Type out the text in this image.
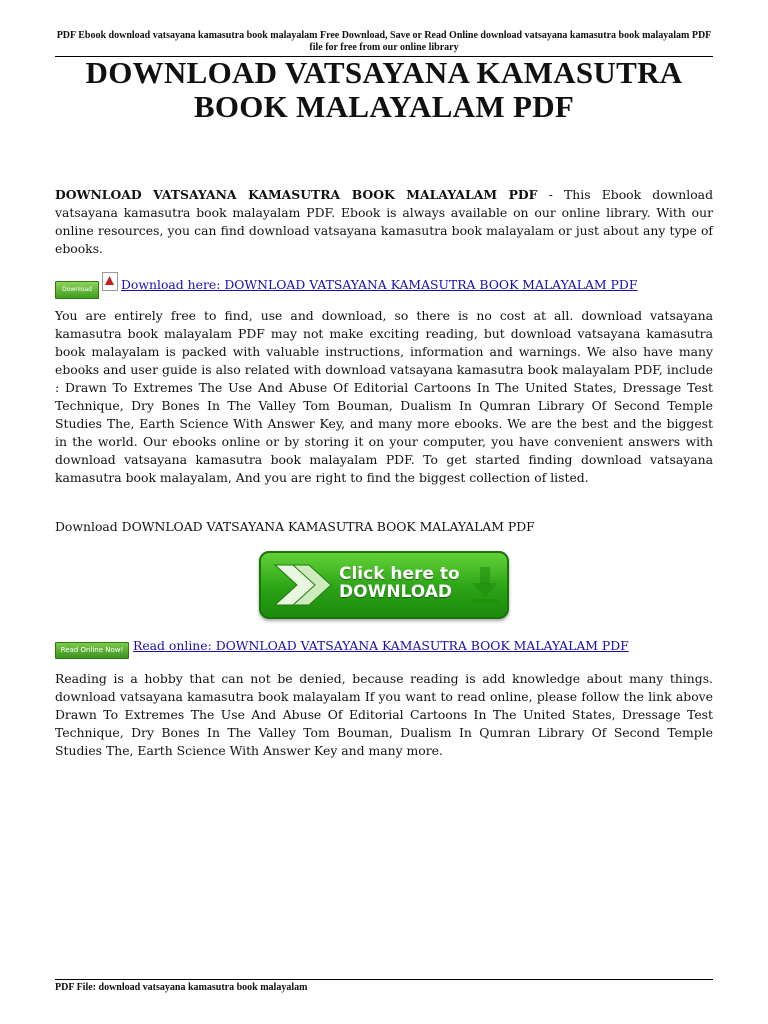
PDF Ebook download vatsayana kamasutra book malayalam Free Download, Save or Read Online download vatsayana kamasutra book malayalam PDF file for free from our online library
DOWNLOAD VATSAYANA KAMASUTRA
BOOK MALAYALAM PDF

DOWNLOAD VATSAYANA KAMASUTRA BOOK MALAYALAM PDF - This Ebook download vatsayana kamasutra book malayalam PDF. Ebook is always available on our online library. With our online resources, you can find download vatsayana kamasutra book malayalam or just about any type of ebooks.

Download Download here: DOWNLOAD VATSAYANA KAMASUTRA BOOK MALAYALAM PDF

You are entirely free to find, use and download, so there is no cost at all. download vatsayana kamasutra book malayalam PDF may not make exciting reading, but download vatsayana kamasutra book malayalam is packed with valuable instructions, information and warnings. We also have many ebooks and user guide is also related with download vatsayana kamasutra book malayalam PDF, include : Drawn To Extremes The Use And Abuse Of Editorial Cartoons In The United States, Dressage Test Technique, Dry Bones In The Valley Tom Bouman, Dualism In Qumran Library Of Second Temple Studies The, Earth Science With Answer Key, and many more ebooks. We are the best and the biggest in the world. Our ebooks online or by storing it on your computer, you have convenient answers with download vatsayana kamasutra book malayalam PDF. To get started finding download vatsayana kamasutra book malayalam, And you are right to find the biggest collection of listed.

Download DOWNLOAD VATSAYANA KAMASUTRA BOOK MALAYALAM PDF

Click here to
DOWNLOAD
Read Online Now! Read online: DOWNLOAD VATSAYANA KAMASUTRA BOOK MALAYALAM PDF

Reading is a hobby that can not be denied, because reading is add knowledge about many things. download vatsayana kamasutra book malayalam If you want to read online, please follow the link above Drawn To Extremes The Use And Abuse Of Editorial Cartoons In The United States, Dressage Test Technique, Dry Bones In The Valley Tom Bouman, Dualism In Qumran Library Of Second Temple Studies The, Earth Science With Answer Key and many more.

PDF File: download vatsayana kamasutra book malayalam
